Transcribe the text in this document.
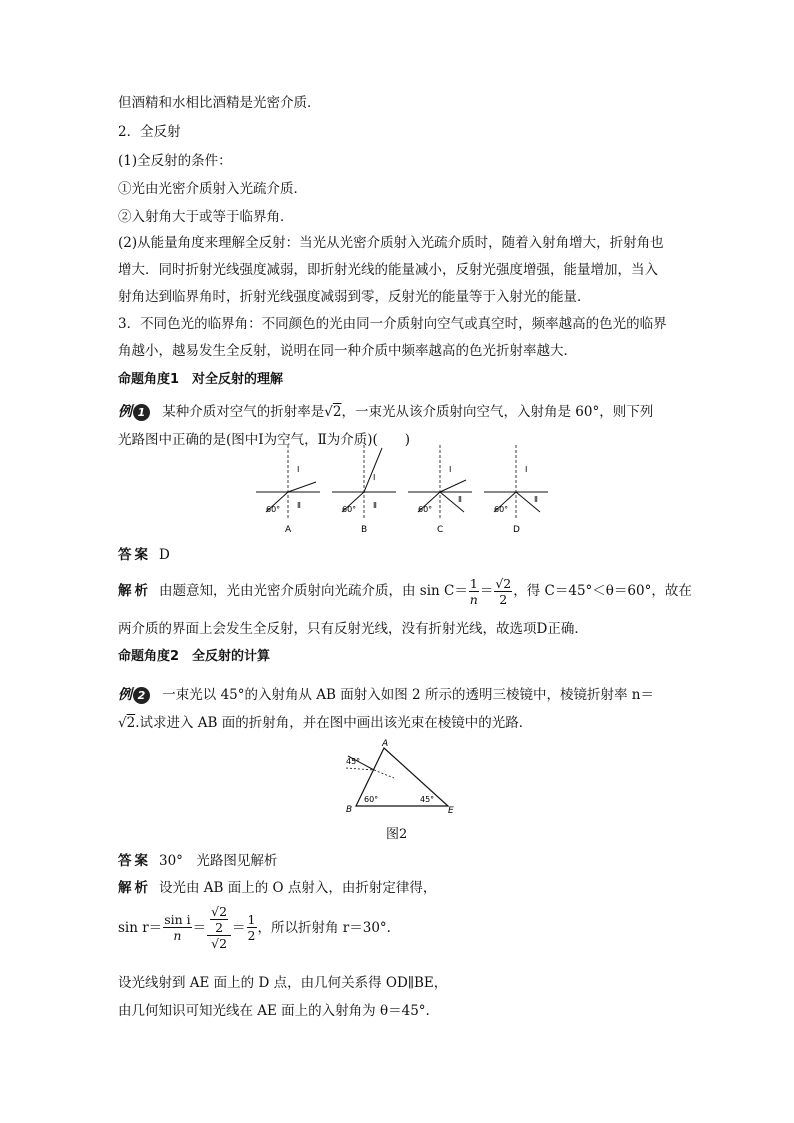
但酒精和水相比酒精是光密介质．
2．全反射
(1)全反射的条件：
①光由光密介质射入光疏介质．
②入射角大于或等于临界角．
(2)从能量角度来理解全反射：当光从光密介质射入光疏介质时，随着入射角增大，折射角也
增大．同时折射光线强度减弱，即折射光线的能量减小，反射光强度增强，能量增加，当入
射角达到临界角时，折射光线强度减弱到零，反射光的能量等于入射光的能量．
3．不同色光的临界角：不同颜色的光由同一介质射向空气或真空时，频率越高的色光的临界
角越小，越易发生全反射，说明在同一种介质中频率越高的色光折射率越大．
命题角度1　对全反射的理解
例 1 某种介质对空气的折射率是√2，一束光从该介质射向空气，入射角是 60°，则下列
光路图中正确的是(图中Ⅰ为空气，Ⅱ为介质)(　　)
Ⅰ
Ⅱ
60°
A
Ⅰ
Ⅱ
60°
B
Ⅰ
Ⅱ
60°
C
Ⅰ
Ⅱ
60°
D
答案 D
解析 由题意知，光由光密介质射向光疏介质，由 $\sin C= \frac{1}{n} = \frac{√2}{2}$ ，得 C＝45°＜θ＝60°，故在
两介质的界面上会发生全反射，只有反射光线，没有折射光线，故选项D正确．
命题角度2　全反射的计算
例 2 一束光以 45°的入射角从 AB 面射入如图 2 所示的透明三棱镜中，棱镜折射率 n＝
√2.试求进入 AB 面的折射角，并在图中画出该光束在棱镜中的光路．
A
B	E
45°
60°	45°
图2
答案 30°　光路图见解析
解析 设光由 AB 面上的 O 点射入，由折射定律得，
$\sin r= \frac{\text{sin i}}{n} = √2$
2
$√2 = \frac{1}{2}$ ，所以折射角 r＝30°.
设光线射到 AE 面上的 D 点，由几何关系得 OD∥BE，
由几何知识可知光线在 AE 面上的入射角为 θ＝45°.
